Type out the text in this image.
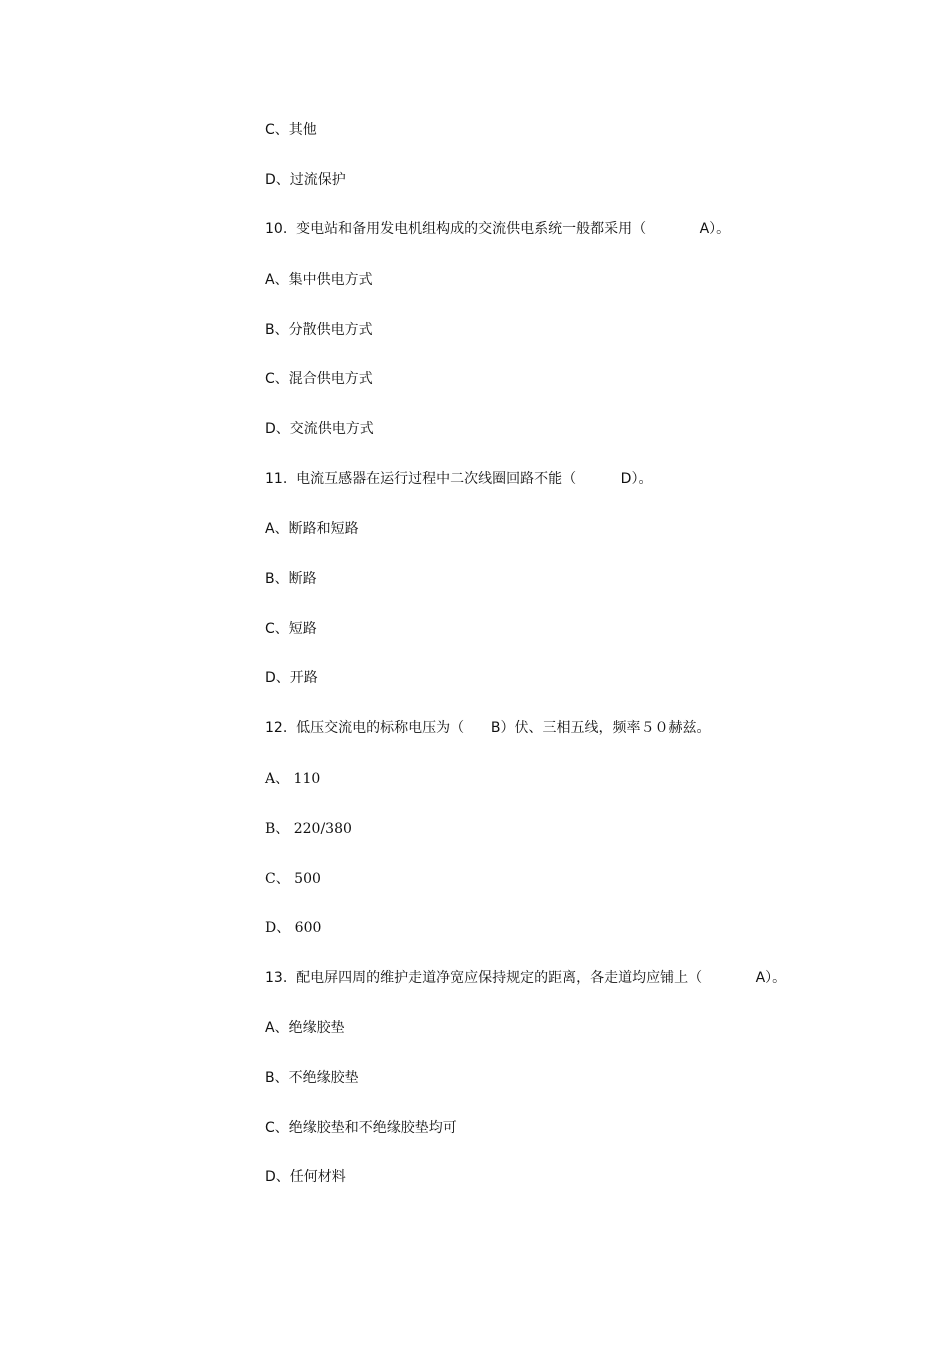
C、其他
D、过流保护
10.  变电站和备用发电机组构成的交流供电系统一般都采用（            A）。
A、集中供电方式
B、分散供电方式
C、混合供电方式
D、交流供电方式
11.  电流互感器在运行过程中二次线圈回路不能（          D）。
A、断路和短路
B、断路
C、短路
D、开路
12.  低压交流电的标称电压为（      B）伏、三相五线，频率５０赫兹。
A、 110
B、 220/380
C、 500
D、 600
13.  配电屏四周的维护走道净宽应保持规定的距离，各走道均应铺上（            A）。
A、绝缘胶垫
B、不绝缘胶垫
C、绝缘胶垫和不绝缘胶垫均可
D、任何材料
